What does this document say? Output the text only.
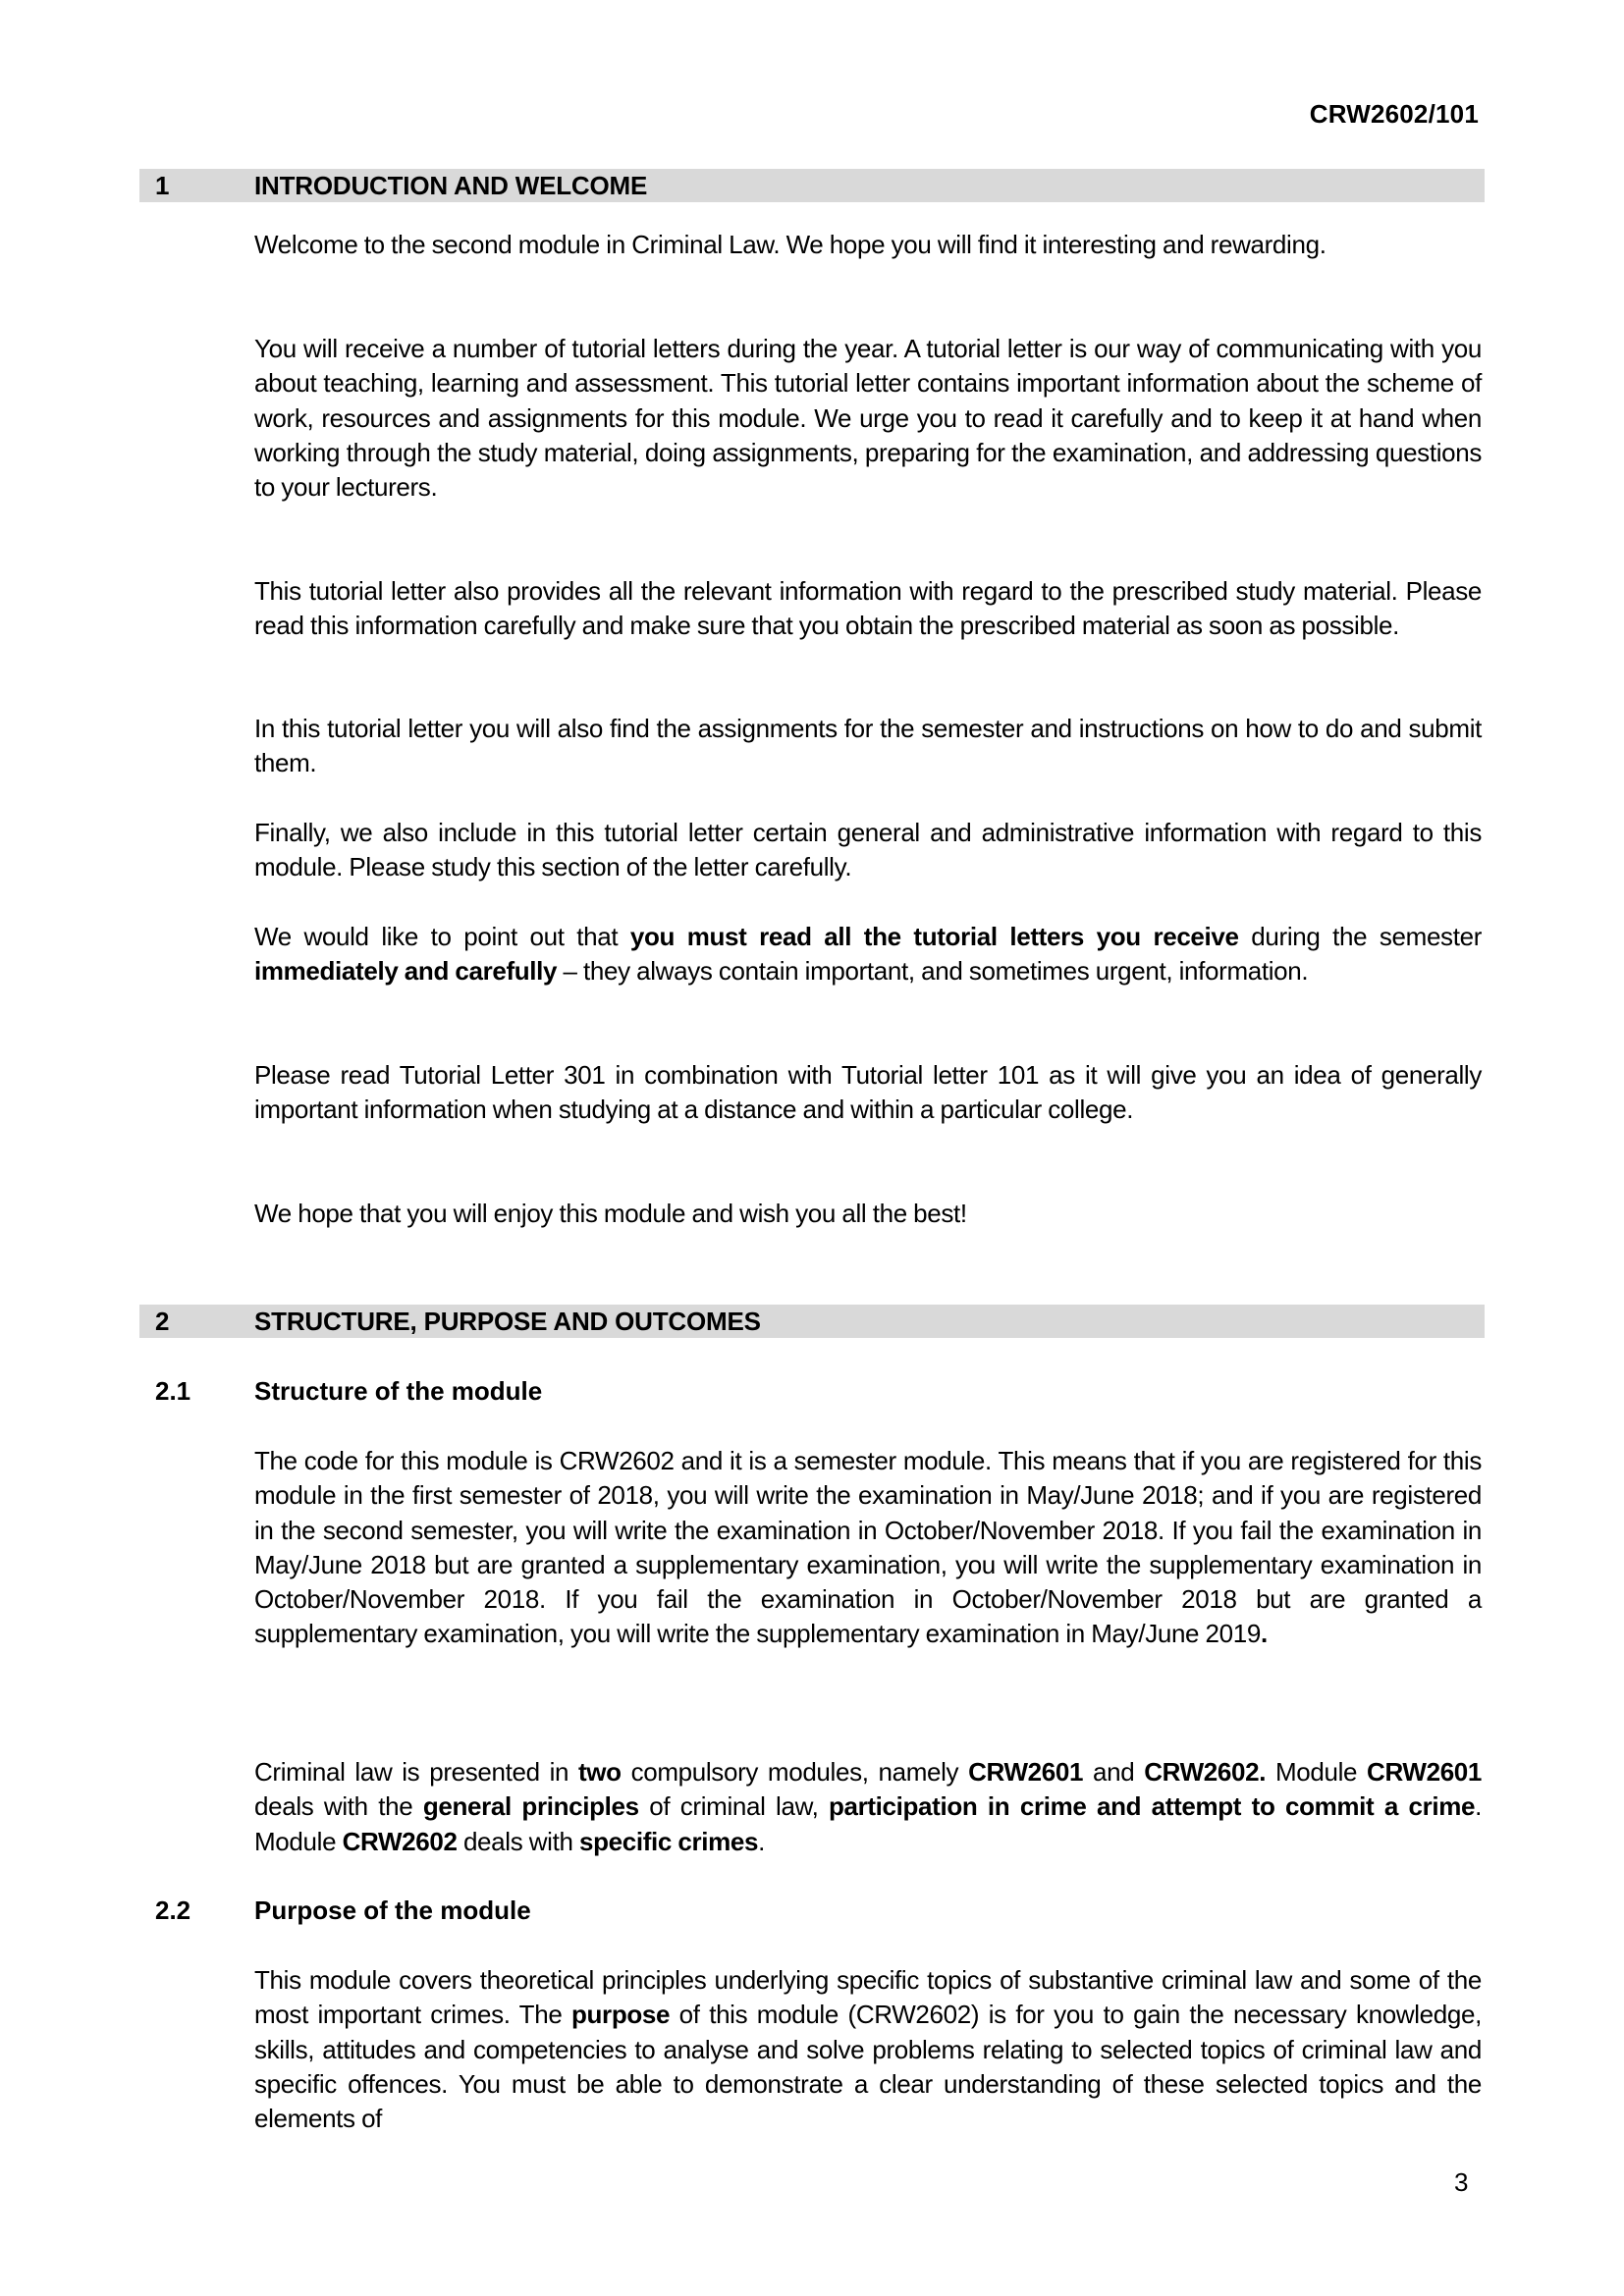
CRW2602/101
1	INTRODUCTION AND WELCOME

Welcome to the second module in Criminal Law. We hope you will find it interesting and rewarding.

You will receive a number of tutorial letters during the year. A tutorial letter is our way of communicating with you about teaching, learning and assessment. This tutorial letter contains important information about the scheme of work, resources and assignments for this module. We urge you to read it carefully and to keep it at hand when working through the study material, doing assignments, preparing for the examination, and addressing questions to your lecturers.

This tutorial letter also provides all the relevant information with regard to the prescribed study material. Please read this information carefully and make sure that you obtain the prescribed material as soon as possible.

In this tutorial letter you will also find the assignments for the semester and instructions on how to do and submit them.

Finally, we also include in this tutorial letter certain general and administrative information with regard to this module. Please study this section of the letter carefully.

We would like to point out that you must read all the tutorial letters you receive during the semester immediately and carefully – they always contain important, and sometimes urgent, information.

Please read Tutorial Letter 301 in combination with Tutorial letter 101 as it will give you an idea of generally important information when studying at a distance and within a particular college.

We hope that you will enjoy this module and wish you all the best!

2	STRUCTURE, PURPOSE AND OUTCOMES
2.1 Structure of the module

The code for this module is CRW2602 and it is a semester module. This means that if you are registered for this module in the first semester of 2018, you will write the examination in May/June 2018; and if you are registered in the second semester, you will write the examination in October/November 2018. If you fail the examination in May/June 2018 but are granted a supplementary examination, you will write the supplementary examination in October/November 2018. If you fail the examination in October/November 2018 but are granted a supplementary examination, you will write the supplementary examination in May/June 2019.

Criminal law is presented in two compulsory modules, namely CRW2601 and CRW2602. Module CRW2601 deals with the general principles of criminal law, participation in crime and attempt to commit a crime. Module CRW2602 deals with specific crimes.

2.2 Purpose of the module

This module covers theoretical principles underlying specific topics of substantive criminal law and some of the most important crimes. The purpose of this module (CRW2602) is for you to gain the necessary knowledge, skills, attitudes and competencies to analyse and solve problems relating to selected topics of criminal law and specific offences. You must be able to demonstrate a clear understanding of these selected topics and the elements of

3
